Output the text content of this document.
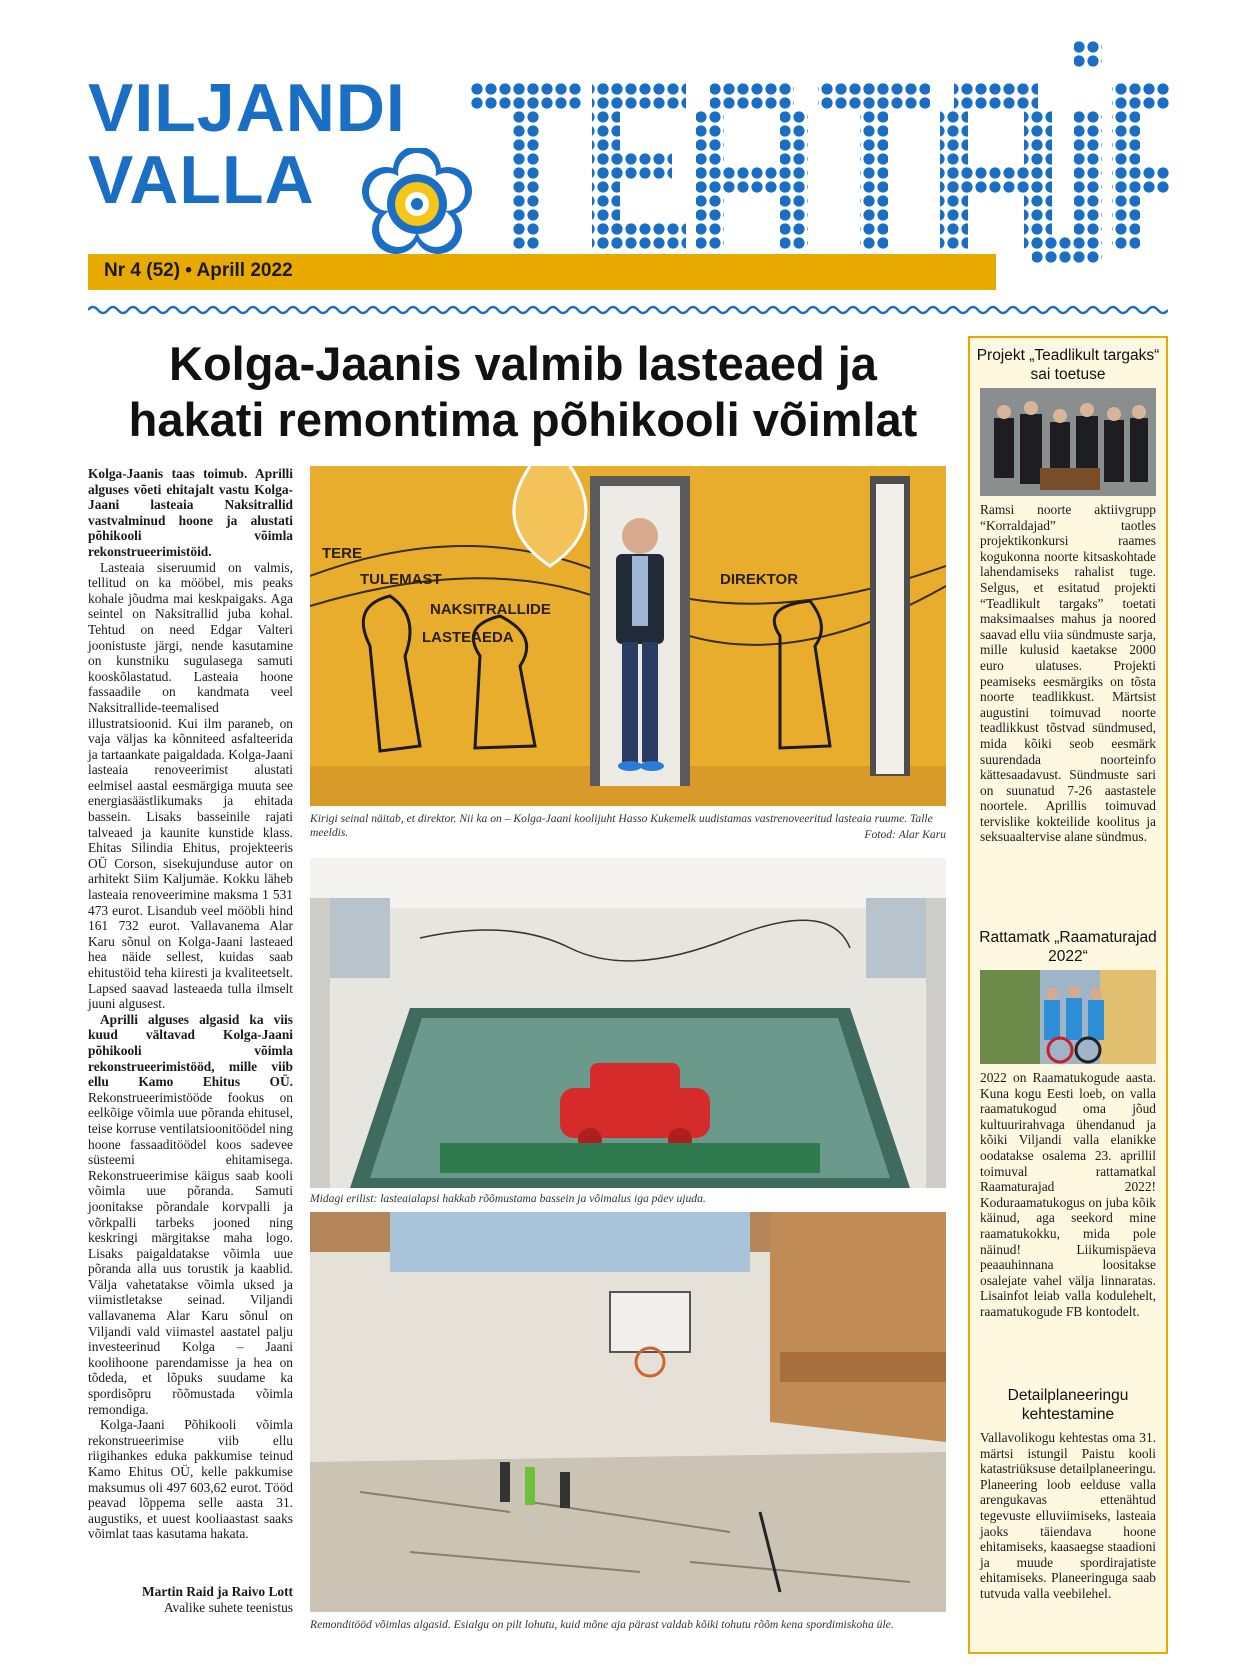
VILJANDI
VALLA
Nr 4 (52) • Aprill 2022
Kolga-Jaanis valmib lasteaed ja
hakati remontima põhikooli võimlat

Kolga-Jaanis taas toimub. Aprilli alguses võeti ehitajalt vastu Kolga-Jaani lasteaia Naksitrallid vastvalminud hoone ja alustati põhikooli võimla rekonstrueerimistöid.

Lasteaia siseruumid on valmis, tellitud on ka mööbel, mis peaks kohale jõudma mai keskpaigaks. Aga seintel on Naksitrallid juba kohal. Tehtud on need Edgar Valteri joonistuste järgi, nende kasutamine on kunstniku sugulasega samuti kooskõlastatud. Lasteaia hoone fassaadile on kandmata veel Naksitrallide-teemalised illustratsioonid. Kui ilm paraneb, on vaja väljas ka kõnniteed asfalteerida ja tartaankate paigaldada. Kolga-Jaani lasteaia renoveerimist alustati eelmisel aastal eesmärgiga muuta see energiasäästlikumaks ja ehitada bassein. Lisaks basseinile rajati talveaed ja kaunite kunstide klass. Ehitas Silindia Ehitus, projekteeris OÜ Corson, sisekujunduse autor on arhitekt Siim Kaljumäe. Kokku läheb lasteaia renoveerimine maksma 1 531 473 eurot. Lisandub veel mööbli hind 161 732 eurot. Vallavanema Alar Karu sõnul on Kolga-Jaani lasteaed hea näide sellest, kuidas saab ehitustöid teha kiiresti ja kvaliteetselt. Lapsed saavad lasteaeda tulla ilmselt juuni algusest.

Aprilli alguses algasid ka viis kuud vältavad Kolga-Jaani põhikooli võimla rekonstrueerimistööd, mille viib ellu Kamo Ehitus OÜ. Rekonstrueerimistööde fookus on eelkõige võimla uue põranda ehitusel, teise korruse ventilatsioonitöödel ning hoone fassaaditöödel koos sadevee süsteemi ehitamisega. Rekonstrueerimise käigus saab kooli võimla uue põranda. Samuti joonitakse põrandale korvpalli ja võrkpalli tarbeks jooned ning keskringi märgitakse maha logo. Lisaks paigaldatakse võimla uue põranda alla uus torustik ja kaablid. Välja vahetatakse võimla uksed ja viimistletakse seinad. Viljandi vallavanema Alar Karu sõnul on Viljandi vald viimastel aastatel palju investeerinud Kolga – Jaani koolihoone parendamisse ja hea on tõdeda, et lõpuks suudame ka spordisõpru rõõmustada võimla remondiga.

Kolga-Jaani Põhikooli võimla rekonstrueerimise viib ellu riigihankes eduka pakkumise teinud Kamo Ehitus OÜ, kelle pakkumise maksumus oli 497 603,62 eurot. Tööd peavad lõppema selle aasta 31. augustiks, et uuest kooliaastast saaks võimlat taas kasutama hakata.

Martin Raid ja Raivo Lott
Avalike suhete teenistus
TERE
TULEMAST
NAKSITRALLIDE
LASTEAEDA
DIREKTOR
Kirigi seinal näitab, et direktor. Nii ka on – Kolga-Jaani koolijuht Hasso Kukemelk uudistamas vastrenoveeritud lasteaia ruume. Talle meeldis.	Fotod: Alar Karu
Midagi erilist: lasteaialapsi hakkab rõõmustama bassein ja võimalus iga päev ujuda.
Remonditööd võimlas algasid. Esialgu on pilt lohutu, kuid mõne aja pärast valdab kõiki tohutu rõõm kena spordimiskoha üle.
Projekt „Teadlikult targaks“ sai toetuse
Ramsi noorte aktiivgrupp “Korraldajad” taotles projektikonkursi raames kogukonna noorte kitsaskohtade lahendamiseks rahalist tuge. Selgus, et esitatud projekti “Teadlikult targaks” toetati maksimaalses mahus ja noored saavad ellu viia sündmuste sarja, mille kulusid kaetakse 2000 euro ulatuses. Projekti peamiseks eesmärgiks on tõsta noorte teadlikkust. Märtsist augustini toimuvad noorte teadlikkust tõstvad sündmused, mida kõiki seob eesmärk suurendada noorteinfo kättesaadavust. Sündmuste sari on suunatud 7-26 aastastele noortele. Aprillis toimuvad tervislike kokteilide koolitus ja seksuaaltervise alane sündmus.
Rattamatk „Raamaturajad 2022“
2022 on Raamatukogude aasta. Kuna kogu Eesti loeb, on valla raamatukogud oma jõud kultuurirahvaga ühendanud ja kõiki Viljandi valla elanikke oodatakse osalema 23. aprillil toimuval rattamatkal Raamaturajad 2022! Koduraamatukogus on juba kõik käinud, aga seekord mine raamatukokku, mida pole näinud! Liikumispäeva peaauhinnana loositakse osalejate vahel välja linnaratas. Lisainfot leiab valla kodulehelt, raamatukogude FB kontodelt.
Detailplaneeringu kehtestamine
Vallavolikogu kehtestas oma 31. märtsi istungil Paistu kooli katastriüksuse detailplaneeringu. Planeering loob eelduse valla arengukavas ettenähtud tegevuste elluviimiseks, lasteaia jaoks täiendava hoone ehitamiseks, kaasaegse staadioni ja muude spordirajatiste ehitamiseks. Planeeringuga saab tutvuda valla veebilehel.
